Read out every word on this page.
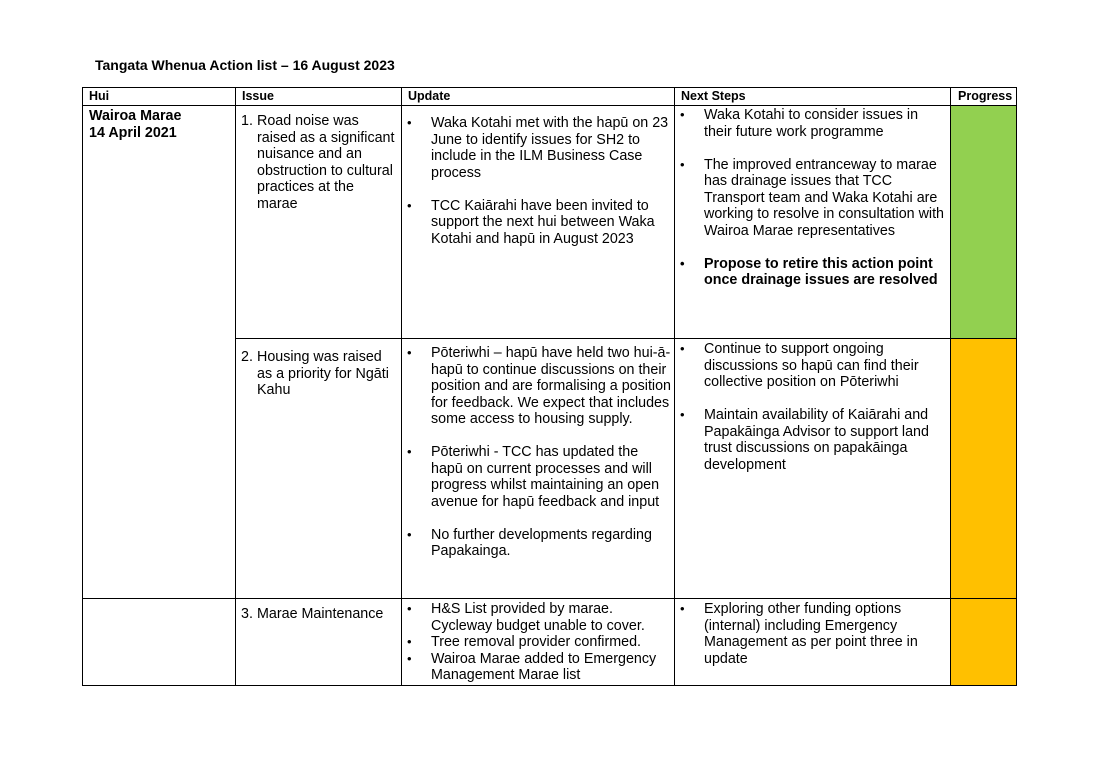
Tangata Whenua Action list – 16 August 2023
Hui	Issue	Update	Next Steps	Progress
Wairoa Marae
14 April 2021
1. Road noise was raised as a significant nuisance and an obstruction to cultural practices at the marae
• Waka Kotahi met with the hapū on 23 June to identify issues for SH2 to include in the ILM Business Case process
• TCC Kaiārahi have been invited to support the next hui between Waka Kotahi and hapū in August 2023
• Waka Kotahi to consider issues in their future work programme
• The improved entranceway to marae has drainage issues that TCC Transport team and Waka Kotahi are working to resolve in consultation with Wairoa Marae representatives
• Propose to retire this action point once drainage issues are resolved
2. Housing was raised as a priority for Ngāti Kahu
• Pōteriwhi – hapū have held two hui-ā-hapū to continue discussions on their position and are formalising a position for feedback. We expect that includes some access to housing supply.
• Pōteriwhi - TCC has updated the hapū on current processes and will progress whilst maintaining an open avenue for hapū feedback and input
• No further developments regarding Papakainga.
• Continue to support ongoing discussions so hapū can find their collective position on Pōteriwhi
• Maintain availability of Kaiārahi and Papakāinga Advisor to support land trust discussions on papakāinga development
3. Marae Maintenance
•	H&S List provided by marae. Cycleway budget unable to cover.
• Tree removal provider confirmed.
• Wairoa Marae added to Emergency Management Marae list
• Exploring other funding options (internal) including Emergency Management as per point three in update
